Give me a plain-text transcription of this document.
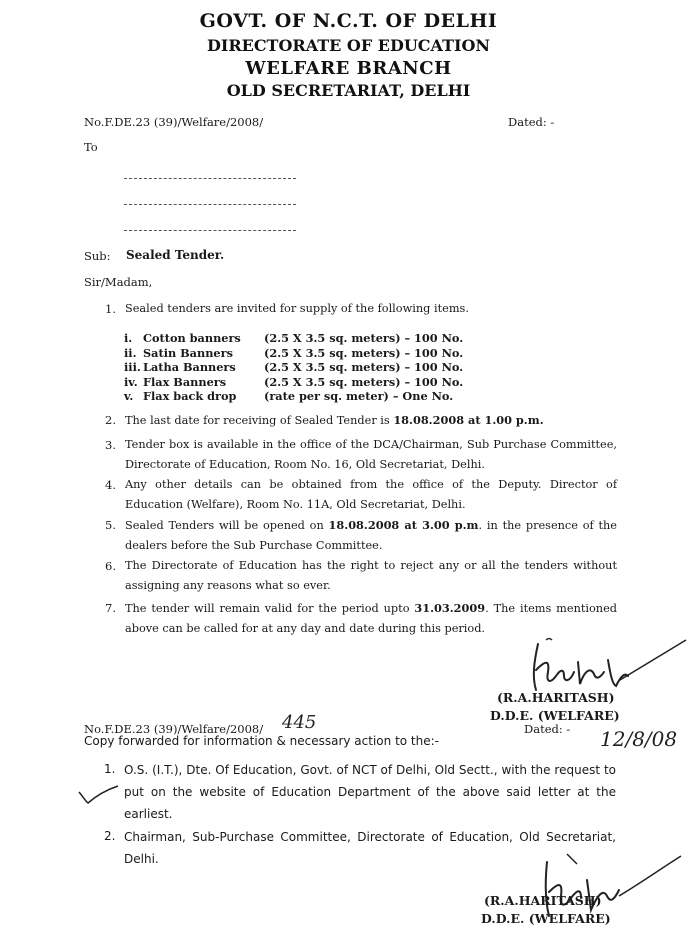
GOVT. OF N.C.T. OF DELHI
DIRECTORATE OF EDUCATION
WELFARE BRANCH
OLD SECRETARIAT, DELHI
No.F.DE.23 (39)/Welfare/2008/	Dated: -
To
Sub: Sealed Tender.
Sir/Madam,
1. Sealed tenders are invited for supply of the following items.
i. Cotton banners	(2.5 X 3.5 sq. meters) – 100 No.
ii. Satin Banners	(2.5 X 3.5 sq. meters) – 100 No.
iii. Latha Banners	(2.5 X 3.5 sq. meters) – 100 No.
iv. Flax Banners	(2.5 X 3.5 sq. meters) – 100 No.
v. Flax back drop	(rate per sq. meter) – One No.
2. The last date for receiving of Sealed Tender is 18.08.2008 at 1.00 p.m.
3. Tender box is available in the office of the DCA/Chairman, Sub Purchase Committee, Directorate of Education, Room No. 16, Old Secretariat, Delhi.
4. Any other details can be obtained from the office of the Deputy. Director of Education (Welfare), Room No. 11A, Old Secretariat, Delhi.
5. Sealed Tenders will be opened on 18.08.2008 at 3.00 p.m. in the presence of the dealers before the Sub Purchase Committee.
6. The Directorate of Education has the right to reject any or all the tenders without assigning any reasons what so ever.
7. The tender will remain valid for the period upto 31.03.2009. The items mentioned above can be called for at any day and date during this period.
(R.A.HARITASH)
D.D.E. (WELFARE)
No.F.DE.23 (39)/Welfare/2008/ 445	Dated: - 12/8/08
Copy forwarded for information & necessary action to the:-
1. O.S. (I.T.), Dte. Of Education, Govt. of NCT of Delhi, Old Sectt., with the request to put on the website of Education Department of the above said letter at the earliest.
2. Chairman, Sub-Purchase Committee, Directorate of Education, Old Secretariat, Delhi.
(R.A.HARITASH)
D.D.E. (WELFARE)
